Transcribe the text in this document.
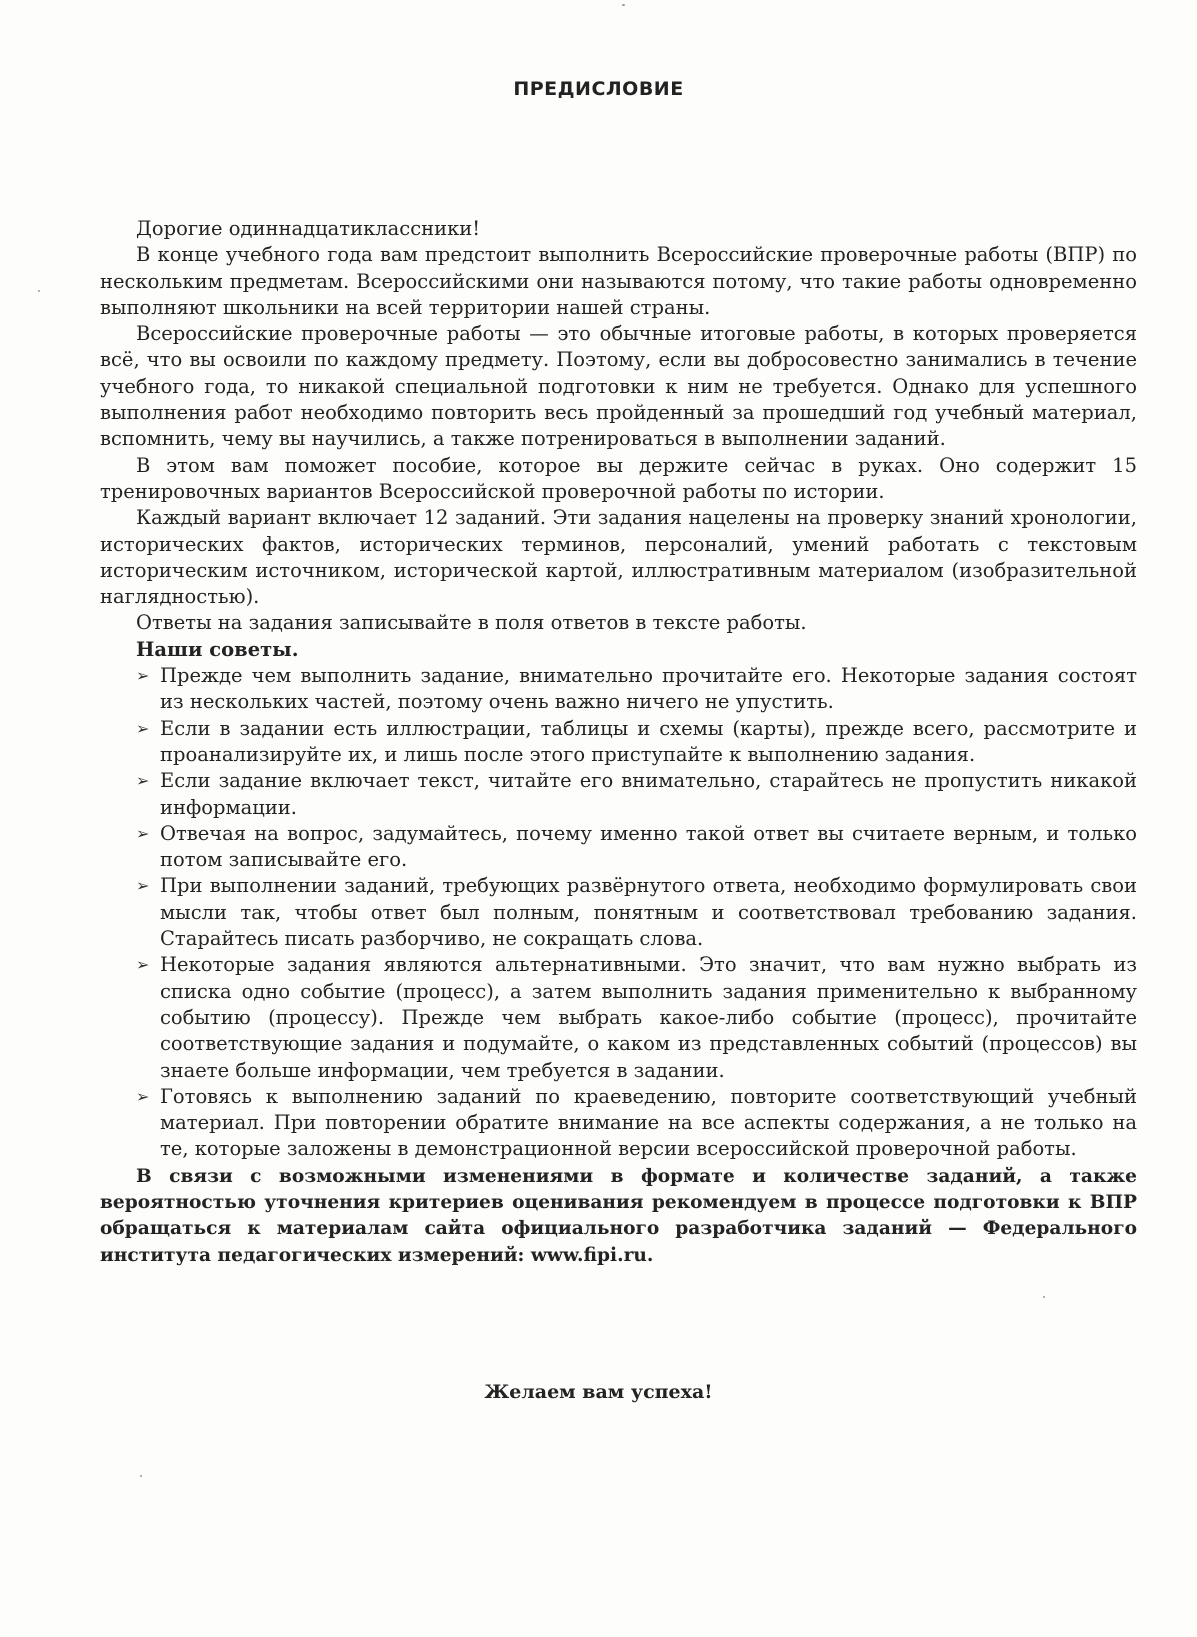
ПРЕДИСЛОВИЕ

Дорогие одиннадцатиклассники!

В конце учебного года вам предстоит выполнить Всероссийские проверочные работы (ВПР) по нескольким предметам. Всероссийскими они называются потому, что такие работы одновременно выполняют школьники на всей территории нашей страны.

Всероссийские проверочные работы — это обычные итоговые работы, в которых проверяется всё, что вы освоили по каждому предмету. Поэтому, если вы добросовестно занимались в течение учебного года, то никакой специальной подготовки к ним не требуется. Однако для успешного выполнения работ необходимо повторить весь пройденный за прошедший год учебный материал, вспомнить, чему вы научились, а также потренироваться в выполнении заданий.

В этом вам поможет пособие, которое вы держите сейчас в руках. Оно содержит 15 тренировочных вариантов Всероссийской проверочной работы по истории.

Каждый вариант включает 12 заданий. Эти задания нацелены на проверку знаний хронологии, исторических фактов, исторических терминов, персоналий, умений работать с текстовым историческим источником, исторической картой, иллюстративным материалом (изобразительной наглядностью).

Ответы на задания записывайте в поля ответов в тексте работы.

Наши советы.

➢ Прежде чем выполнить задание, внимательно прочитайте его. Некоторые задания состоят из нескольких частей, поэтому очень важно ничего не упустить.
➢ Если в задании есть иллюстрации, таблицы и схемы (карты), прежде всего, рассмотрите и проанализируйте их, и лишь после этого приступайте к выполнению задания.
➢ Если задание включает текст, читайте его внимательно, старайтесь не пропустить никакой информации.
➢ Отвечая на вопрос, задумайтесь, почему именно такой ответ вы считаете верным, и только потом записывайте его.
➢ При выполнении заданий, требующих развёрнутого ответа, необходимо формулировать свои мысли так, чтобы ответ был полным, понятным и соответствовал требованию задания. Старайтесь писать разборчиво, не сокращать слова.
➢ Некоторые задания являются альтернативными. Это значит, что вам нужно выбрать из списка одно событие (процесс), а затем выполнить задания применительно к выбранному событию (процессу). Прежде чем выбрать какое-либо событие (процесс), прочитайте соответствующие задания и подумайте, о каком из представленных событий (процессов) вы знаете больше информации, чем требуется в задании.
➢ Готовясь к выполнению заданий по краеведению, повторите соответствующий учебный материал. При повторении обратите внимание на все аспекты содержания, а не только на те, которые заложены в демонстрационной версии всероссийской проверочной работы.

В связи с возможными изменениями в формате и количестве заданий, а также вероятностью уточнения критериев оценивания рекомендуем в процессе подготовки к ВПР обращаться к материалам сайта официального разработчика заданий — Федерального института педагогических измерений: www.fipi.ru.

Желаем вам успеха!
